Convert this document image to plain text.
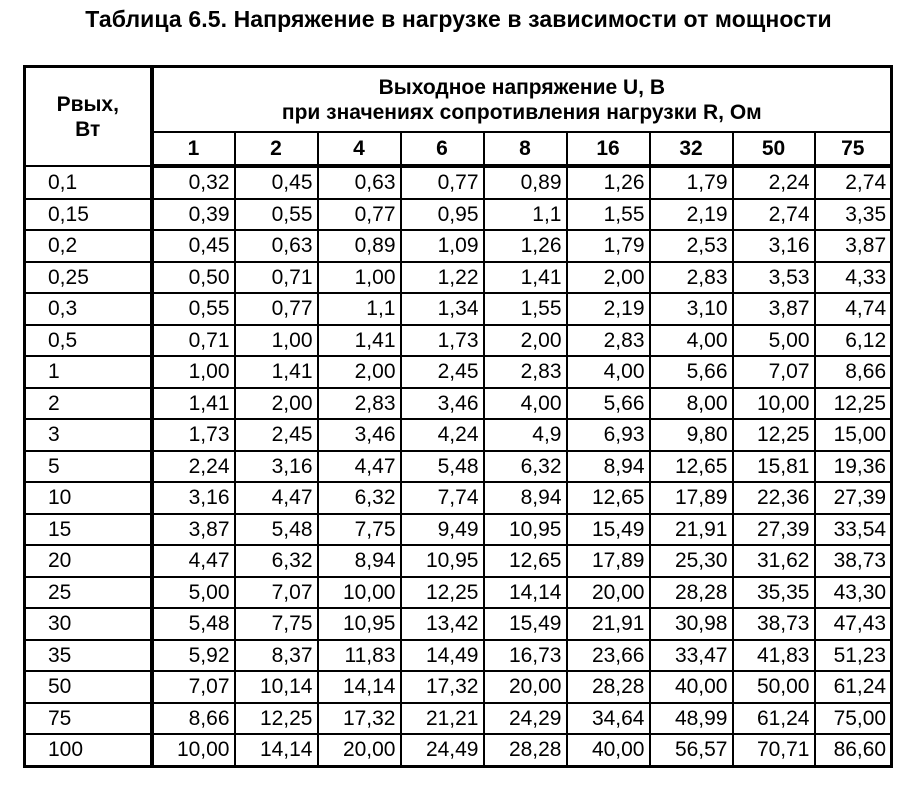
Таблица 6.5. Напряжение в нагрузке в зависимости от мощности
Pвых,
Вт	Выходное напряжение U, В
при значениях сопротивления нагрузки R, Ом								

	1	2	4	6	8	16	32	50	75
0,1	0,32	0,45	0,63	0,77	0,89	1,26	1,79	2,24	2,74
0,15	0,39	0,55	0,77	0,95	1,1	1,55	2,19	2,74	3,35
0,2	0,45	0,63	0,89	1,09	1,26	1,79	2,53	3,16	3,87
0,25	0,50	0,71	1,00	1,22	1,41	2,00	2,83	3,53	4,33
0,3	0,55	0,77	1,1	1,34	1,55	2,19	3,10	3,87	4,74
0,5	0,71	1,00	1,41	1,73	2,00	2,83	4,00	5,00	6,12
1	1,00	1,41	2,00	2,45	2,83	4,00	5,66	7,07	8,66
2	1,41	2,00	2,83	3,46	4,00	5,66	8,00	10,00	12,25
3	1,73	2,45	3,46	4,24	4,9	6,93	9,80	12,25	15,00
5	2,24	3,16	4,47	5,48	6,32	8,94	12,65	15,81	19,36
10	3,16	4,47	6,32	7,74	8,94	12,65	17,89	22,36	27,39
15	3,87	5,48	7,75	9,49	10,95	15,49	21,91	27,39	33,54
20	4,47	6,32	8,94	10,95	12,65	17,89	25,30	31,62	38,73
25	5,00	7,07	10,00	12,25	14,14	20,00	28,28	35,35	43,30
30	5,48	7,75	10,95	13,42	15,49	21,91	30,98	38,73	47,43
35	5,92	8,37	11,83	14,49	16,73	23,66	33,47	41,83	51,23
50	7,07	10,14	14,14	17,32	20,00	28,28	40,00	50,00	61,24
75	8,66	12,25	17,32	21,21	24,29	34,64	48,99	61,24	75,00
100	10,00	14,14	20,00	24,49	28,28	40,00	56,57	70,71	86,60
